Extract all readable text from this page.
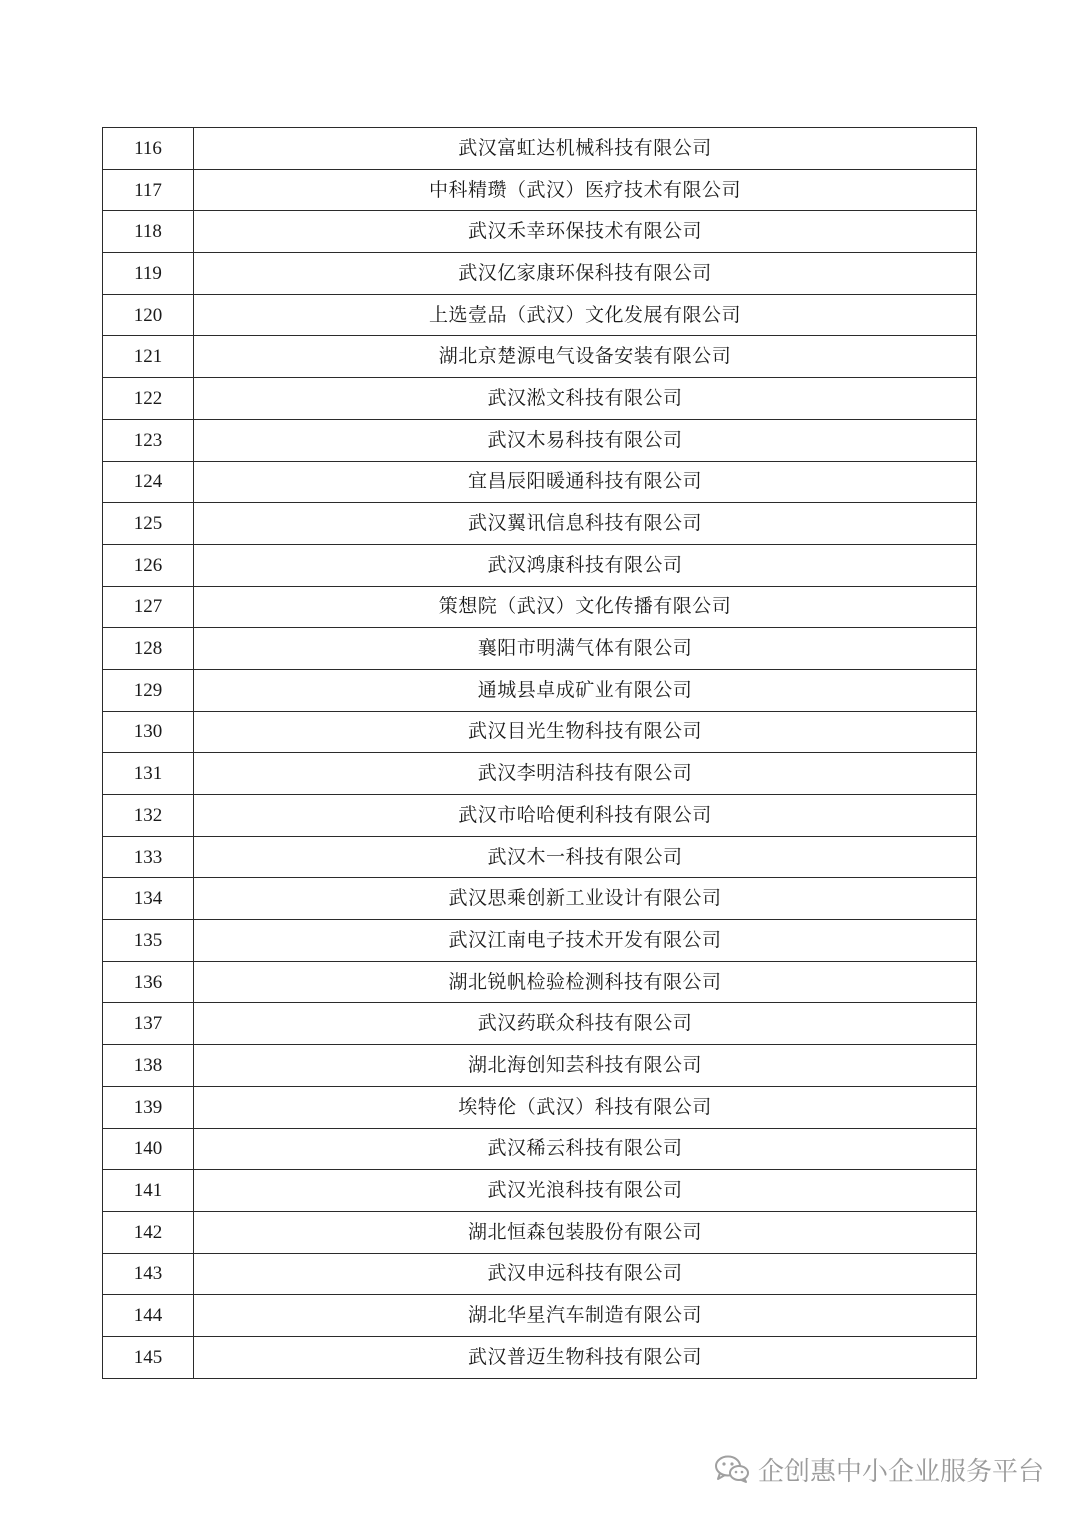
116	武汉富虹达机械科技有限公司
117	中科精瓒（武汉）医疗技术有限公司
118	武汉禾幸环保技术有限公司
119	武汉亿家康环保科技有限公司
120	上选壹品（武汉）文化发展有限公司
121	湖北京楚源电气设备安装有限公司
122	武汉淞文科技有限公司
123	武汉木易科技有限公司
124	宜昌辰阳暖通科技有限公司
125	武汉翼讯信息科技有限公司
126	武汉鸿康科技有限公司
127	策想院（武汉）文化传播有限公司
128	襄阳市明满气体有限公司
129	通城县卓成矿业有限公司
130	武汉目光生物科技有限公司
131	武汉李明洁科技有限公司
132	武汉市哈哈便利科技有限公司
133	武汉木一科技有限公司
134	武汉思乘创新工业设计有限公司
135	武汉江南电子技术开发有限公司
136	湖北锐帆检验检测科技有限公司
137	武汉药联众科技有限公司
138	湖北海创知芸科技有限公司
139	埃特伦（武汉）科技有限公司
140	武汉稀云科技有限公司
141	武汉光浪科技有限公司
142	湖北恒森包装股份有限公司
143	武汉申远科技有限公司
144	湖北华星汽车制造有限公司
145	武汉普迈生物科技有限公司
企创惠中小企业服务平台
